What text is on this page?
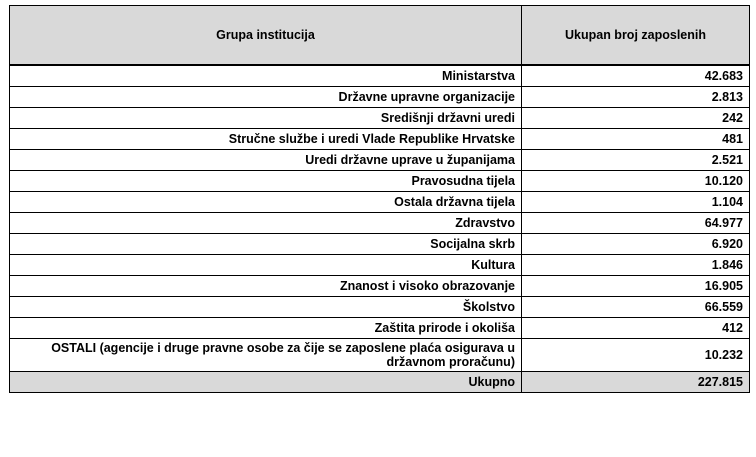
Grupa institucija	Ukupan broj zaposlenih
Ministarstva	42.683
Državne upravne organizacije	2.813
Središnji državni uredi	242
Stručne službe i uredi Vlade Republike Hrvatske	481
Uredi državne uprave u županijama	2.521
Pravosudna tijela	10.120
Ostala državna tijela	1.104
Zdravstvo	64.977
Socijalna skrb	6.920
Kultura	1.846
Znanost i visoko obrazovanje	16.905
Školstvo	66.559
Zaštita prirode i okoliša	412
OSTALI (agencije i druge pravne osobe za čije se zaposlene plaća osigurava u državnom proračunu)	10.232
Ukupno	227.815
